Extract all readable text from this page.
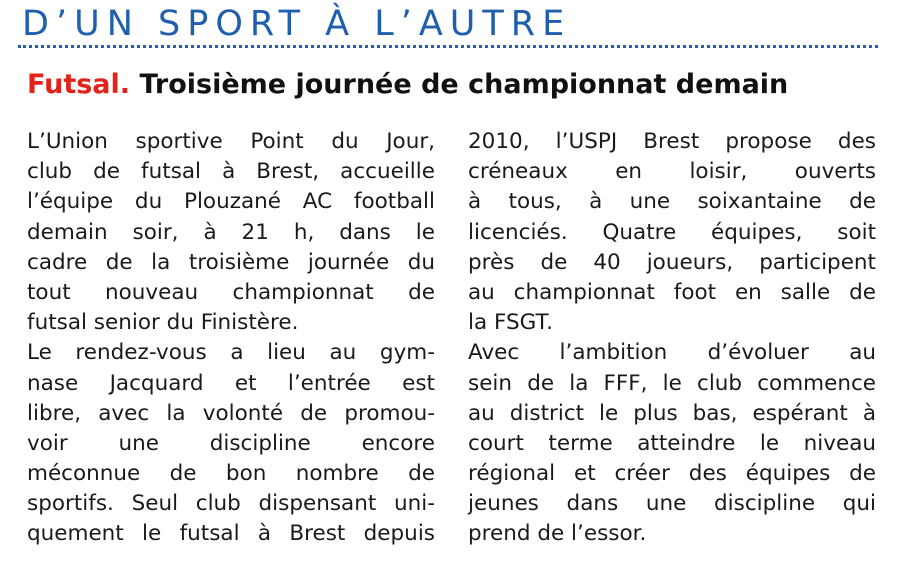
D’UN SPORT À L’AUTRE
Futsal. Troisième journée de championnat demain
L’Union sportive Point du Jour,
club de futsal à Brest, accueille
l’équipe du Plouzané AC football
demain soir, à 21 h, dans le
cadre de la troisième journée du
tout nouveau championnat de
futsal senior du Finistère.
Le rendez-vous a lieu au gym-
nase Jacquard et l’entrée est
libre, avec la volonté de promou-
voir une discipline encore
méconnue de bon nombre de
sportifs. Seul club dispensant uni-
quement le futsal à Brest depuis
2010, l’USPJ Brest propose des
créneaux en loisir, ouverts
à tous, à une soixantaine de
licenciés. Quatre équipes, soit
près de 40 joueurs, participent
au championnat foot en salle de
la FSGT.
Avec l’ambition d’évoluer au
sein de la FFF, le club commence
au district le plus bas, espérant à
court terme atteindre le niveau
régional et créer des équipes de
jeunes dans une discipline qui
prend de l’essor.
